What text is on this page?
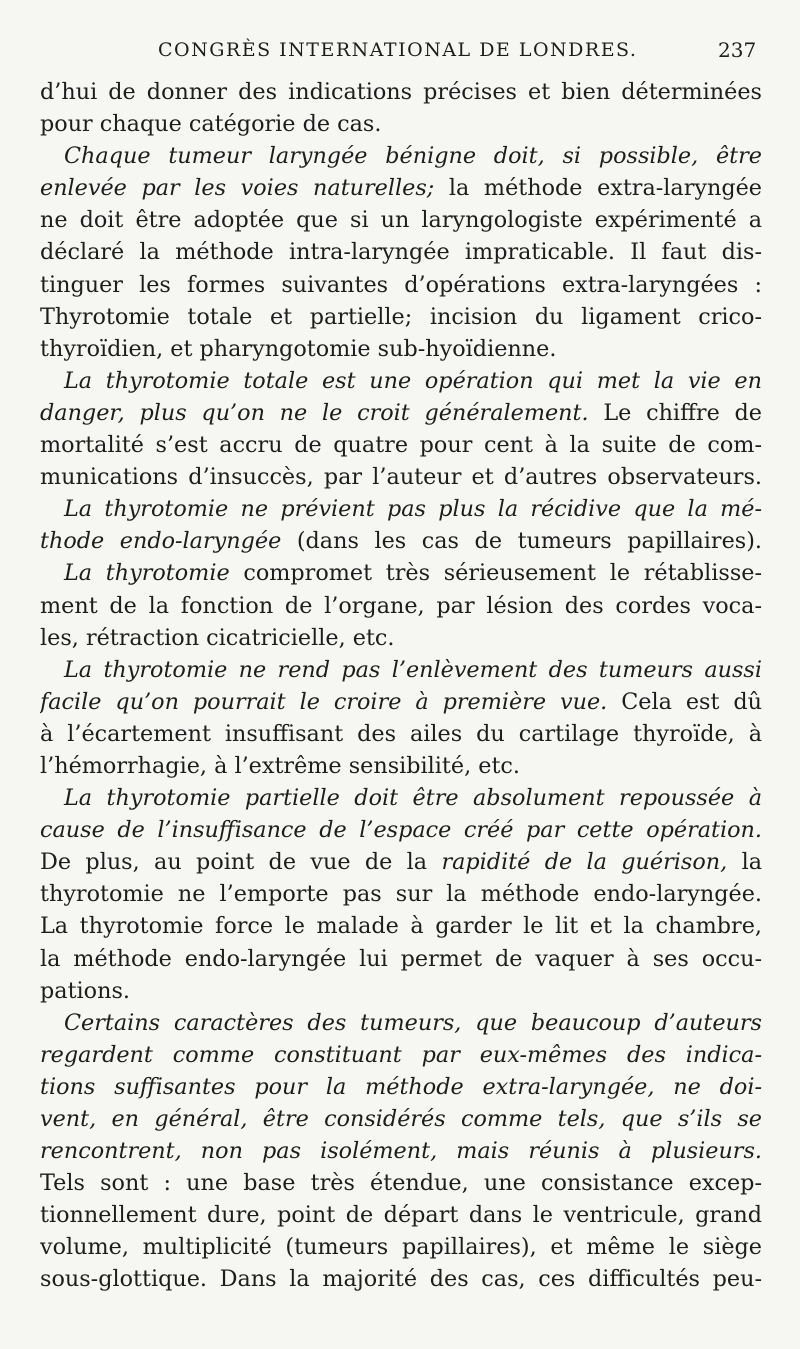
CONGRÈS INTERNATIONAL DE LONDRES.	237
d’hui de donner des indications précises et bien déterminées
pour chaque catégorie de cas.
Chaque tumeur laryngée bénigne doit, si possible, être
enlevée par les voies naturelles; la méthode extra-laryngée
ne doit être adoptée que si un laryngologiste expérimenté a
déclaré la méthode intra-laryngée impraticable. Il faut dis-
tinguer les formes suivantes d’opérations extra-laryngées :
Thyrotomie totale et partielle; incision du ligament crico-
thyroïdien, et pharyngotomie sub-hyoïdienne.
La thyrotomie totale est une opération qui met la vie en
danger, plus qu’on ne le croit généralement. Le chiffre de
mortalité s’est accru de quatre pour cent à la suite de com-
munications d’insuccès, par l’auteur et d’autres observateurs.
La thyrotomie ne prévient pas plus la récidive que la mé-
thode endo-laryngée (dans les cas de tumeurs papillaires).
La thyrotomie compromet très sérieusement le rétablisse-
ment de la fonction de l’organe, par lésion des cordes voca-
les, rétraction cicatricielle, etc.
La thyrotomie ne rend pas l’enlèvement des tumeurs aussi
facile qu’on pourrait le croire à première vue. Cela est dû
à l’écartement insuffisant des ailes du cartilage thyroïde, à
l’hémorrhagie, à l’extrême sensibilité, etc.
La thyrotomie partielle doit être absolument repoussée à
cause de l’insuffisance de l’espace créé par cette opération.
De plus, au point de vue de la rapidité de la guérison, la
thyrotomie ne l’emporte pas sur la méthode endo-laryngée.
La thyrotomie force le malade à garder le lit et la chambre,
la méthode endo-laryngée lui permet de vaquer à ses occu-
pations.
Certains caractères des tumeurs, que beaucoup d’auteurs
regardent comme constituant par eux-mêmes des indica-
tions suffisantes pour la méthode extra-laryngée, ne doi-
vent, en général, être considérés comme tels, que s’ils se
rencontrent, non pas isolément, mais réunis à plusieurs.
Tels sont : une base très étendue, une consistance excep-
tionnellement dure, point de départ dans le ventricule, grand
volume, multiplicité (tumeurs papillaires), et même le siège
sous-glottique. Dans la majorité des cas, ces difficultés peu-
